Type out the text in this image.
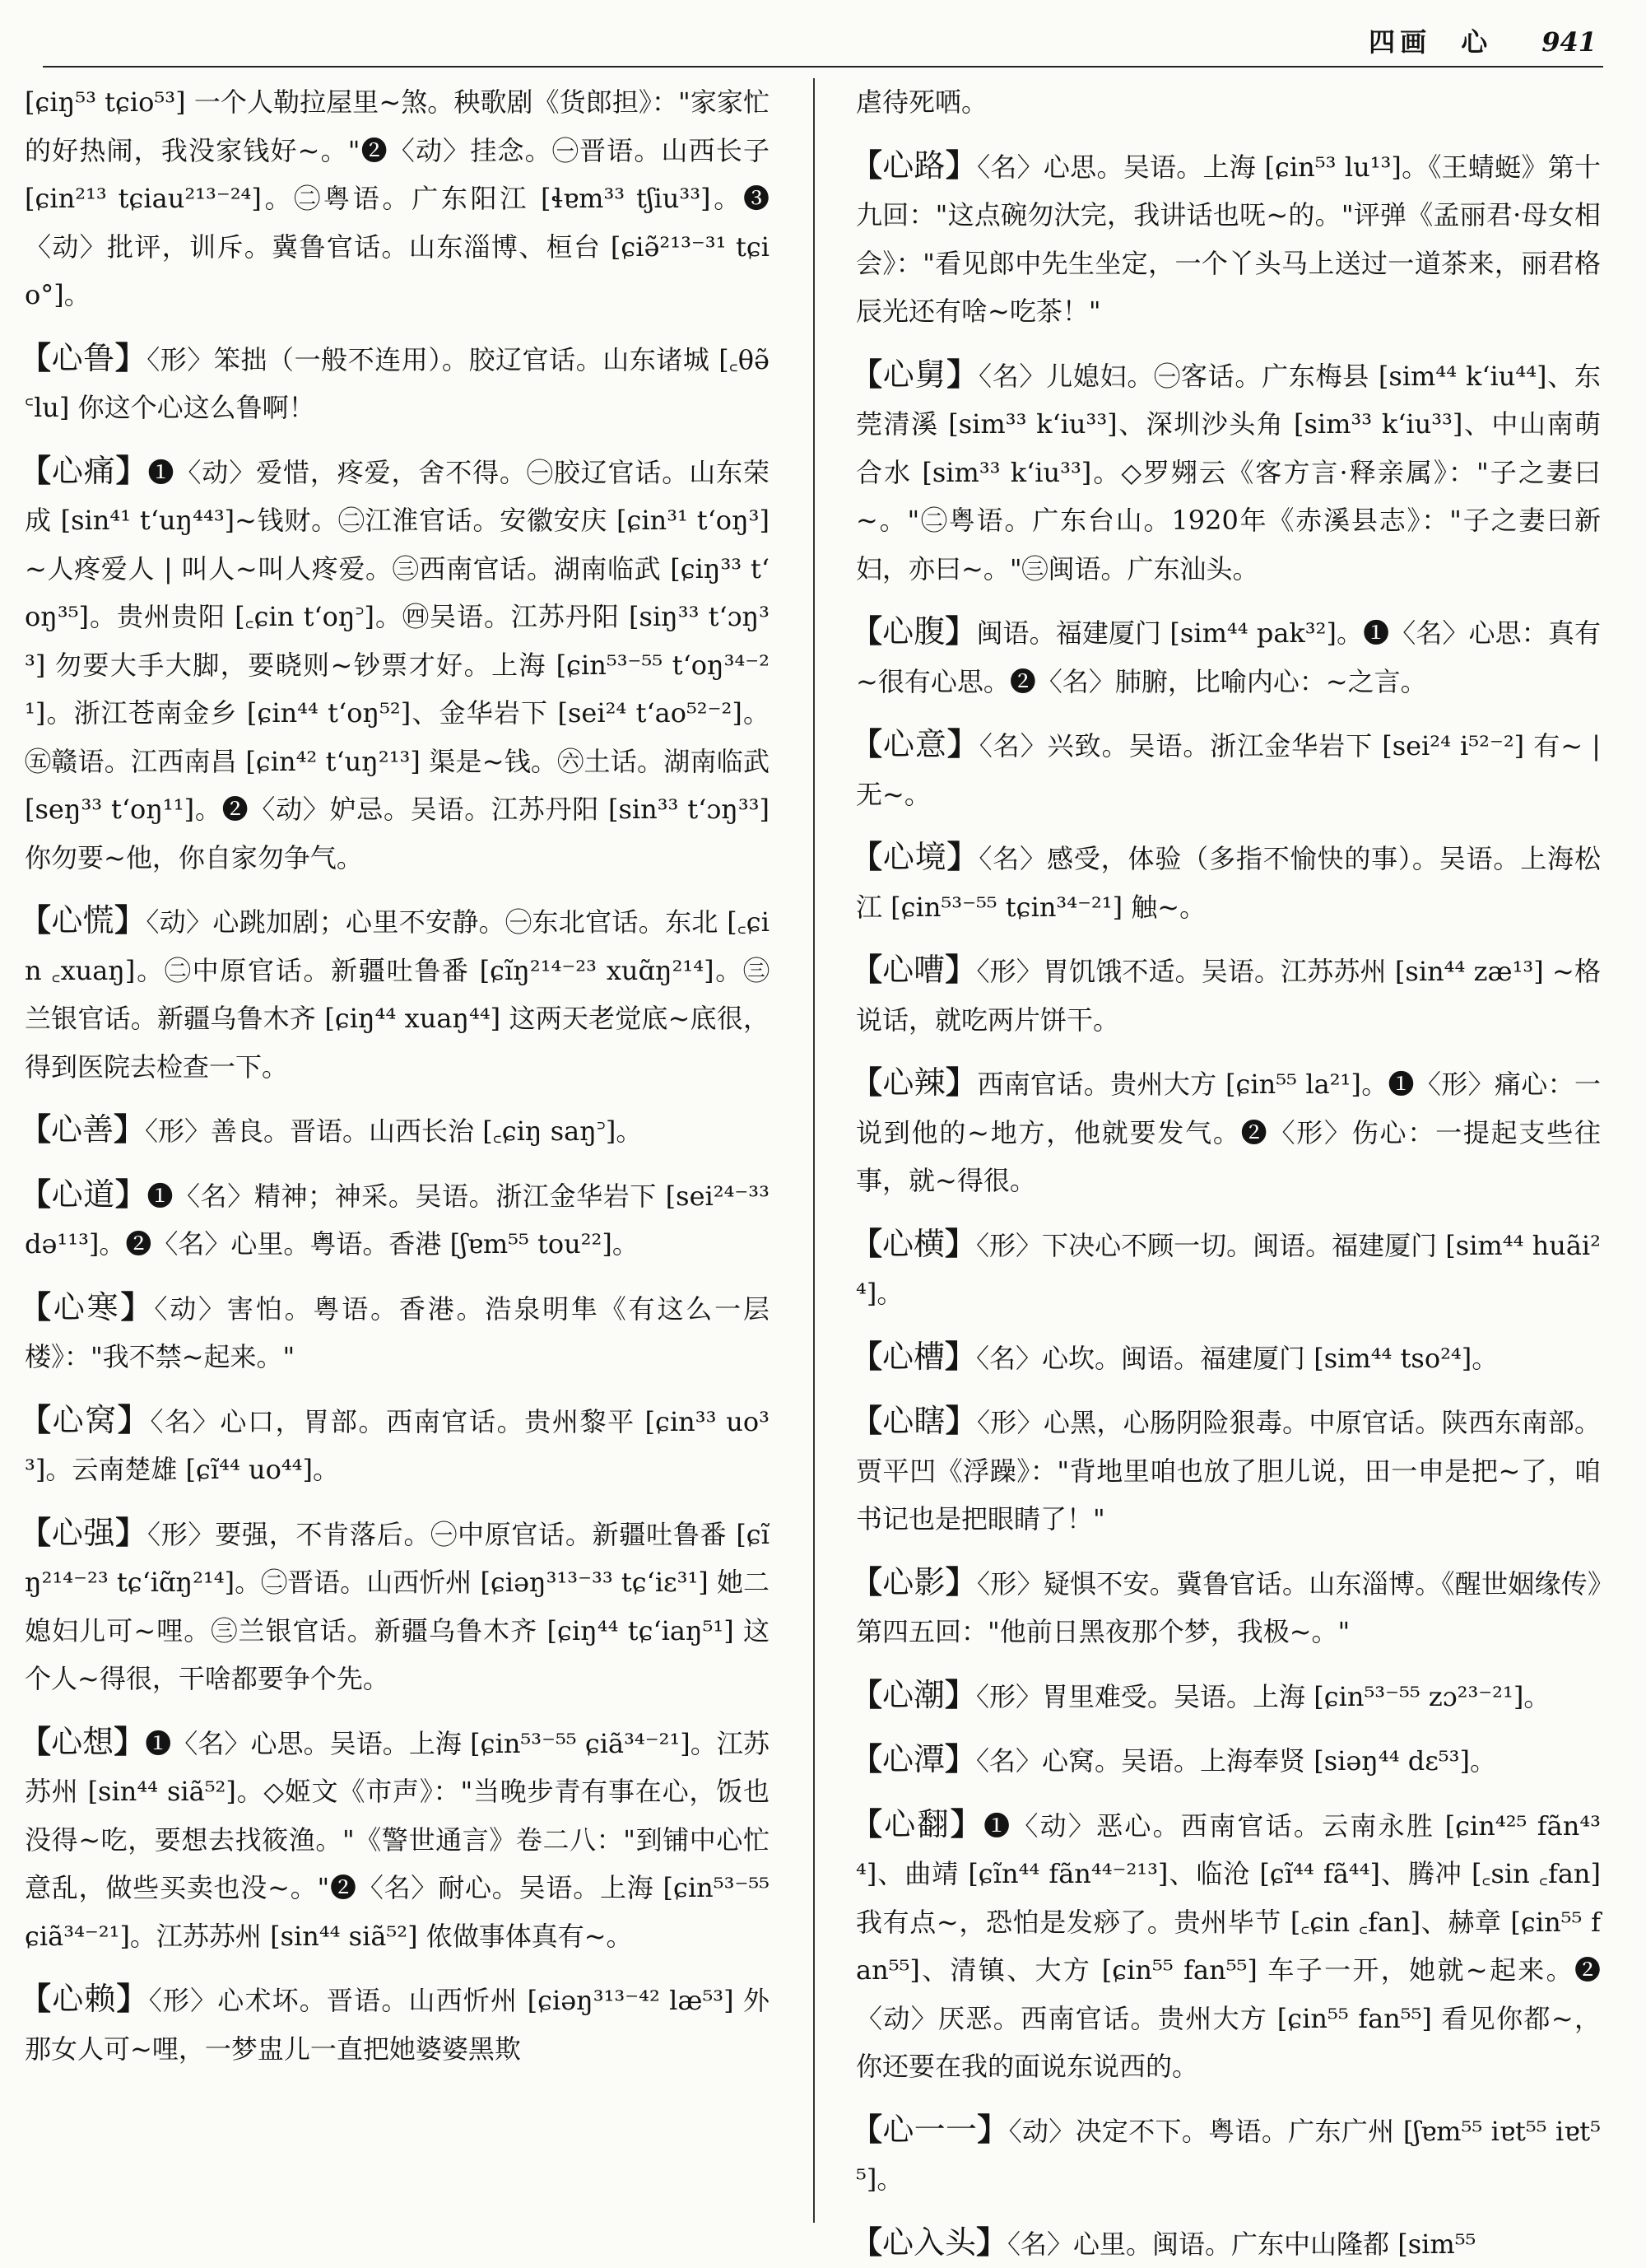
四画 心 941

[ɕiŋ⁵³ tɕio⁵³] 一个人勒拉屋里~煞。秧歌剧《货郎担》："家家忙的好热闹，我没家钱好~。"❷〈动〉挂念。㊀晋语。山西长子 [ɕin²¹³ tɕiau²¹³⁻²⁴]。㊁粤语。广东阳江 [ɬɐm³³ tʃiu³³]。❸〈动〉批评，训斥。冀鲁官话。山东淄博、桓台 [ɕiə̃²¹³⁻³¹ tɕio°]。

【心鲁】〈形〉笨拙（一般不连用）。胶辽官话。山东诸城 [꜀θə̃ ꜂lu] 你这个心这么鲁啊！

【心痛】❶〈动〉爱惜，疼爱，舍不得。㊀胶辽官话。山东荣成 [sin⁴¹ tʻuŋ⁴⁴³]~钱财。㊁江淮官话。安徽安庆 [ɕin³¹ tʻoŋ³] ~人疼爱人 | 叫人~叫人疼爱。㊂西南官话。湖南临武 [ɕiŋ³³ tʻoŋ³⁵]。贵州贵阳 [꜀ɕin tʻoŋ꜄]。㊃吴语。江苏丹阳 [siŋ³³ tʻɔŋ³³] 勿要大手大脚，要晓则~钞票才好。上海 [ɕin⁵³⁻⁵⁵ tʻoŋ³⁴⁻²¹]。浙江苍南金乡 [ɕin⁴⁴ tʻoŋ⁵²]、金华岩下 [sei²⁴ tʻao⁵²⁻²]。㊄赣语。江西南昌 [ɕin⁴² tʻuŋ²¹³] 渠是~钱。㊅土话。湖南临武 [seŋ³³ tʻoŋ¹¹]。❷〈动〉妒忌。吴语。江苏丹阳 [sin³³ tʻɔŋ³³] 你勿要~他，你自家勿争气。

【心慌】〈动〉心跳加剧；心里不安静。㊀东北官话。东北 [꜀ɕin ꜀xuaŋ]。㊁中原官话。新疆吐鲁番 [ɕĩŋ²¹⁴⁻²³ xuɑ̃ŋ²¹⁴]。㊂兰银官话。新疆乌鲁木齐 [ɕiŋ⁴⁴ xuaŋ⁴⁴] 这两天老觉底~底很，得到医院去检查一下。

【心善】〈形〉善良。晋语。山西长治 [꜀ɕiŋ saŋ꜄]。

【心道】❶〈名〉精神；神采。吴语。浙江金华岩下 [sei²⁴⁻³³ də¹¹³]。❷〈名〉心里。粤语。香港 [ʃɐm⁵⁵ tou²²]。

【心寒】〈动〉害怕。粤语。香港。浩泉明隼《有这么一层楼》："我不禁~起来。"

【心窝】〈名〉心口，胃部。西南官话。贵州黎平 [ɕin³³ uo³³]。云南楚雄 [ɕĩ⁴⁴ uo⁴⁴]。

【心强】〈形〉要强，不肯落后。㊀中原官话。新疆吐鲁番 [ɕĩŋ²¹⁴⁻²³ tɕʻiɑ̃ŋ²¹⁴]。㊁晋语。山西忻州 [ɕiəŋ³¹³⁻³³ tɕʻiɛ³¹] 她二媳妇儿可~哩。㊂兰银官话。新疆乌鲁木齐 [ɕiŋ⁴⁴ tɕʻiaŋ⁵¹] 这个人~得很，干啥都要争个先。

【心想】❶〈名〉心思。吴语。上海 [ɕin⁵³⁻⁵⁵ ɕiã³⁴⁻²¹]。江苏苏州 [sin⁴⁴ siã⁵²]。◇姬文《市声》："当晚步青有事在心，饭也没得~吃，要想去找筱渔。"《警世通言》卷二八："到铺中心忙意乱，做些买卖也没~。"❷〈名〉耐心。吴语。上海 [ɕin⁵³⁻⁵⁵ ɕiã³⁴⁻²¹]。江苏苏州 [sin⁴⁴ siã⁵²] 侬做事体真有~。

【心赖】〈形〉心术坏。晋语。山西忻州 [ɕiəŋ³¹³⁻⁴² læ⁵³] 外那女人可~哩，一梦盅儿一直把她婆婆黑欺

虐待死哂。

【心路】〈名〉心思。吴语。上海 [ɕin⁵³ lu¹³]。《王蜻蜓》第十九回："这点碗勿汏完，我讲话也呒~的。"评弹《孟丽君·母女相会》："看见郎中先生坐定，一个丫头马上送过一道茶来，丽君格辰光还有啥~吃茶！"

【心舅】〈名〉儿媳妇。㊀客话。广东梅县 [sim⁴⁴ kʻiu⁴⁴]、东莞清溪 [sim³³ kʻiu³³]、深圳沙头角 [sim³³ kʻiu³³]、中山南萌合水 [sim³³ kʻiu³³]。◇罗翙云《客方言·释亲属》："子之妻曰~。"㊁粤语。广东台山。1920年《赤溪县志》："子之妻曰新妇，亦曰~。"㊂闽语。广东汕头。

【心腹】闽语。福建厦门 [sim⁴⁴ pak³²]。❶〈名〉心思：真有~很有心思。❷〈名〉肺腑，比喻内心：~之言。

【心意】〈名〉兴致。吴语。浙江金华岩下 [sei²⁴ i⁵²⁻²] 有~ | 无~。

【心境】〈名〉感受，体验（多指不愉快的事）。吴语。上海松江 [ɕin⁵³⁻⁵⁵ tɕin³⁴⁻²¹] 触~。

【心嘈】〈形〉胃饥饿不适。吴语。江苏苏州 [sin⁴⁴ zæ¹³] ~格说话，就吃两片饼干。

【心辣】西南官话。贵州大方 [ɕin⁵⁵ la²¹]。❶〈形〉痛心：一说到他的~地方，他就要发气。❷〈形〉伤心：一提起支些往事，就~得很。

【心横】〈形〉下决心不顾一切。闽语。福建厦门 [sim⁴⁴ huãi²⁴]。

【心槽】〈名〉心坎。闽语。福建厦门 [sim⁴⁴ tso²⁴]。

【心瞎】〈形〉心黑，心肠阴险狠毒。中原官话。陕西东南部。贾平凹《浮躁》："背地里咱也放了胆儿说，田一申是把~了，咱书记也是把眼睛了！"

【心影】〈形〉疑惧不安。冀鲁官话。山东淄博。《醒世姻缘传》第四五回："他前日黑夜那个梦，我极~。"

【心潮】〈形〉胃里难受。吴语。上海 [ɕin⁵³⁻⁵⁵ zɔ²³⁻²¹]。

【心潭】〈名〉心窝。吴语。上海奉贤 [siəŋ⁴⁴ dɛ⁵³]。

【心翻】❶〈动〉恶心。西南官话。云南永胜 [ɕin⁴²⁵ fãn⁴³⁴]、曲靖 [ɕĩn⁴⁴ fãn⁴⁴⁻²¹³]、临沧 [ɕĩ⁴⁴ fã⁴⁴]、腾冲 [꜀sin ꜀fan] 我有点~，恐怕是发痧了。贵州毕节 [꜀ɕin ꜀fan]、赫章 [ɕin⁵⁵ fan⁵⁵]、清镇、大方 [ɕin⁵⁵ fan⁵⁵] 车子一开，她就~起来。❷〈动〉厌恶。西南官话。贵州大方 [ɕin⁵⁵ fan⁵⁵] 看见你都~，你还要在我的面说东说西的。

【心一一】〈动〉决定不下。粤语。广东广州 [ʃɐm⁵⁵ iɐt⁵⁵ iɐt⁵⁵]。

【心入头】〈名〉心里。闽语。广东中山隆都 [sim⁵⁵
